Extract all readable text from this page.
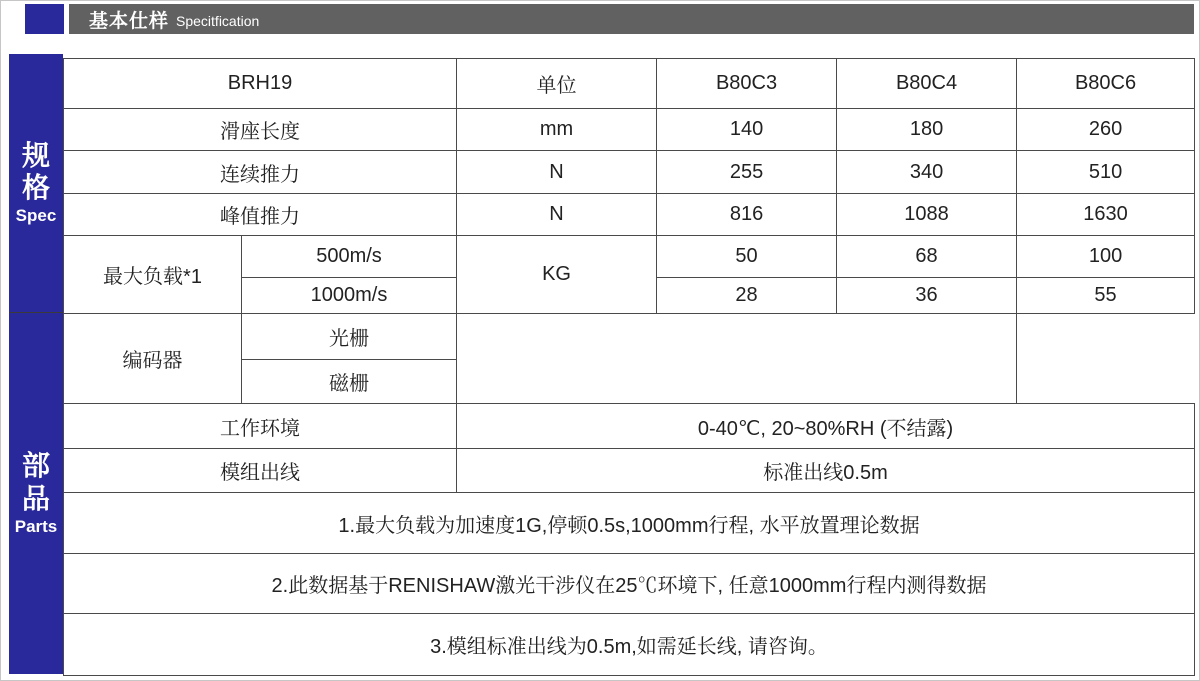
基本仕样 Specitfication
规格
Spec
部品
Parts
BRH19		单位	B80C3	B80C4	B80C6
滑座长度		mm	140	180	260
连续推力		N	255	340	510
峰值推力		N	816	1088	1630
最大负载*1	500m/s	KG	50	68	100
	1000m/s		28	36	55
编码器	光栅				
	磁栅				
工作环境		0-40℃, 20~80%RH (不结露)			
模组出线		标准出线0.5m			
1.最大负载为加速度1G,停顿0.5s,1000mm行程, 水平放置理论数据					
2.此数据基于RENISHAW激光干涉仪在25℃环境下, 任意1000mm行程内测得数据					
3.模组标准出线为0.5m,如需延长线, 请咨询。					
